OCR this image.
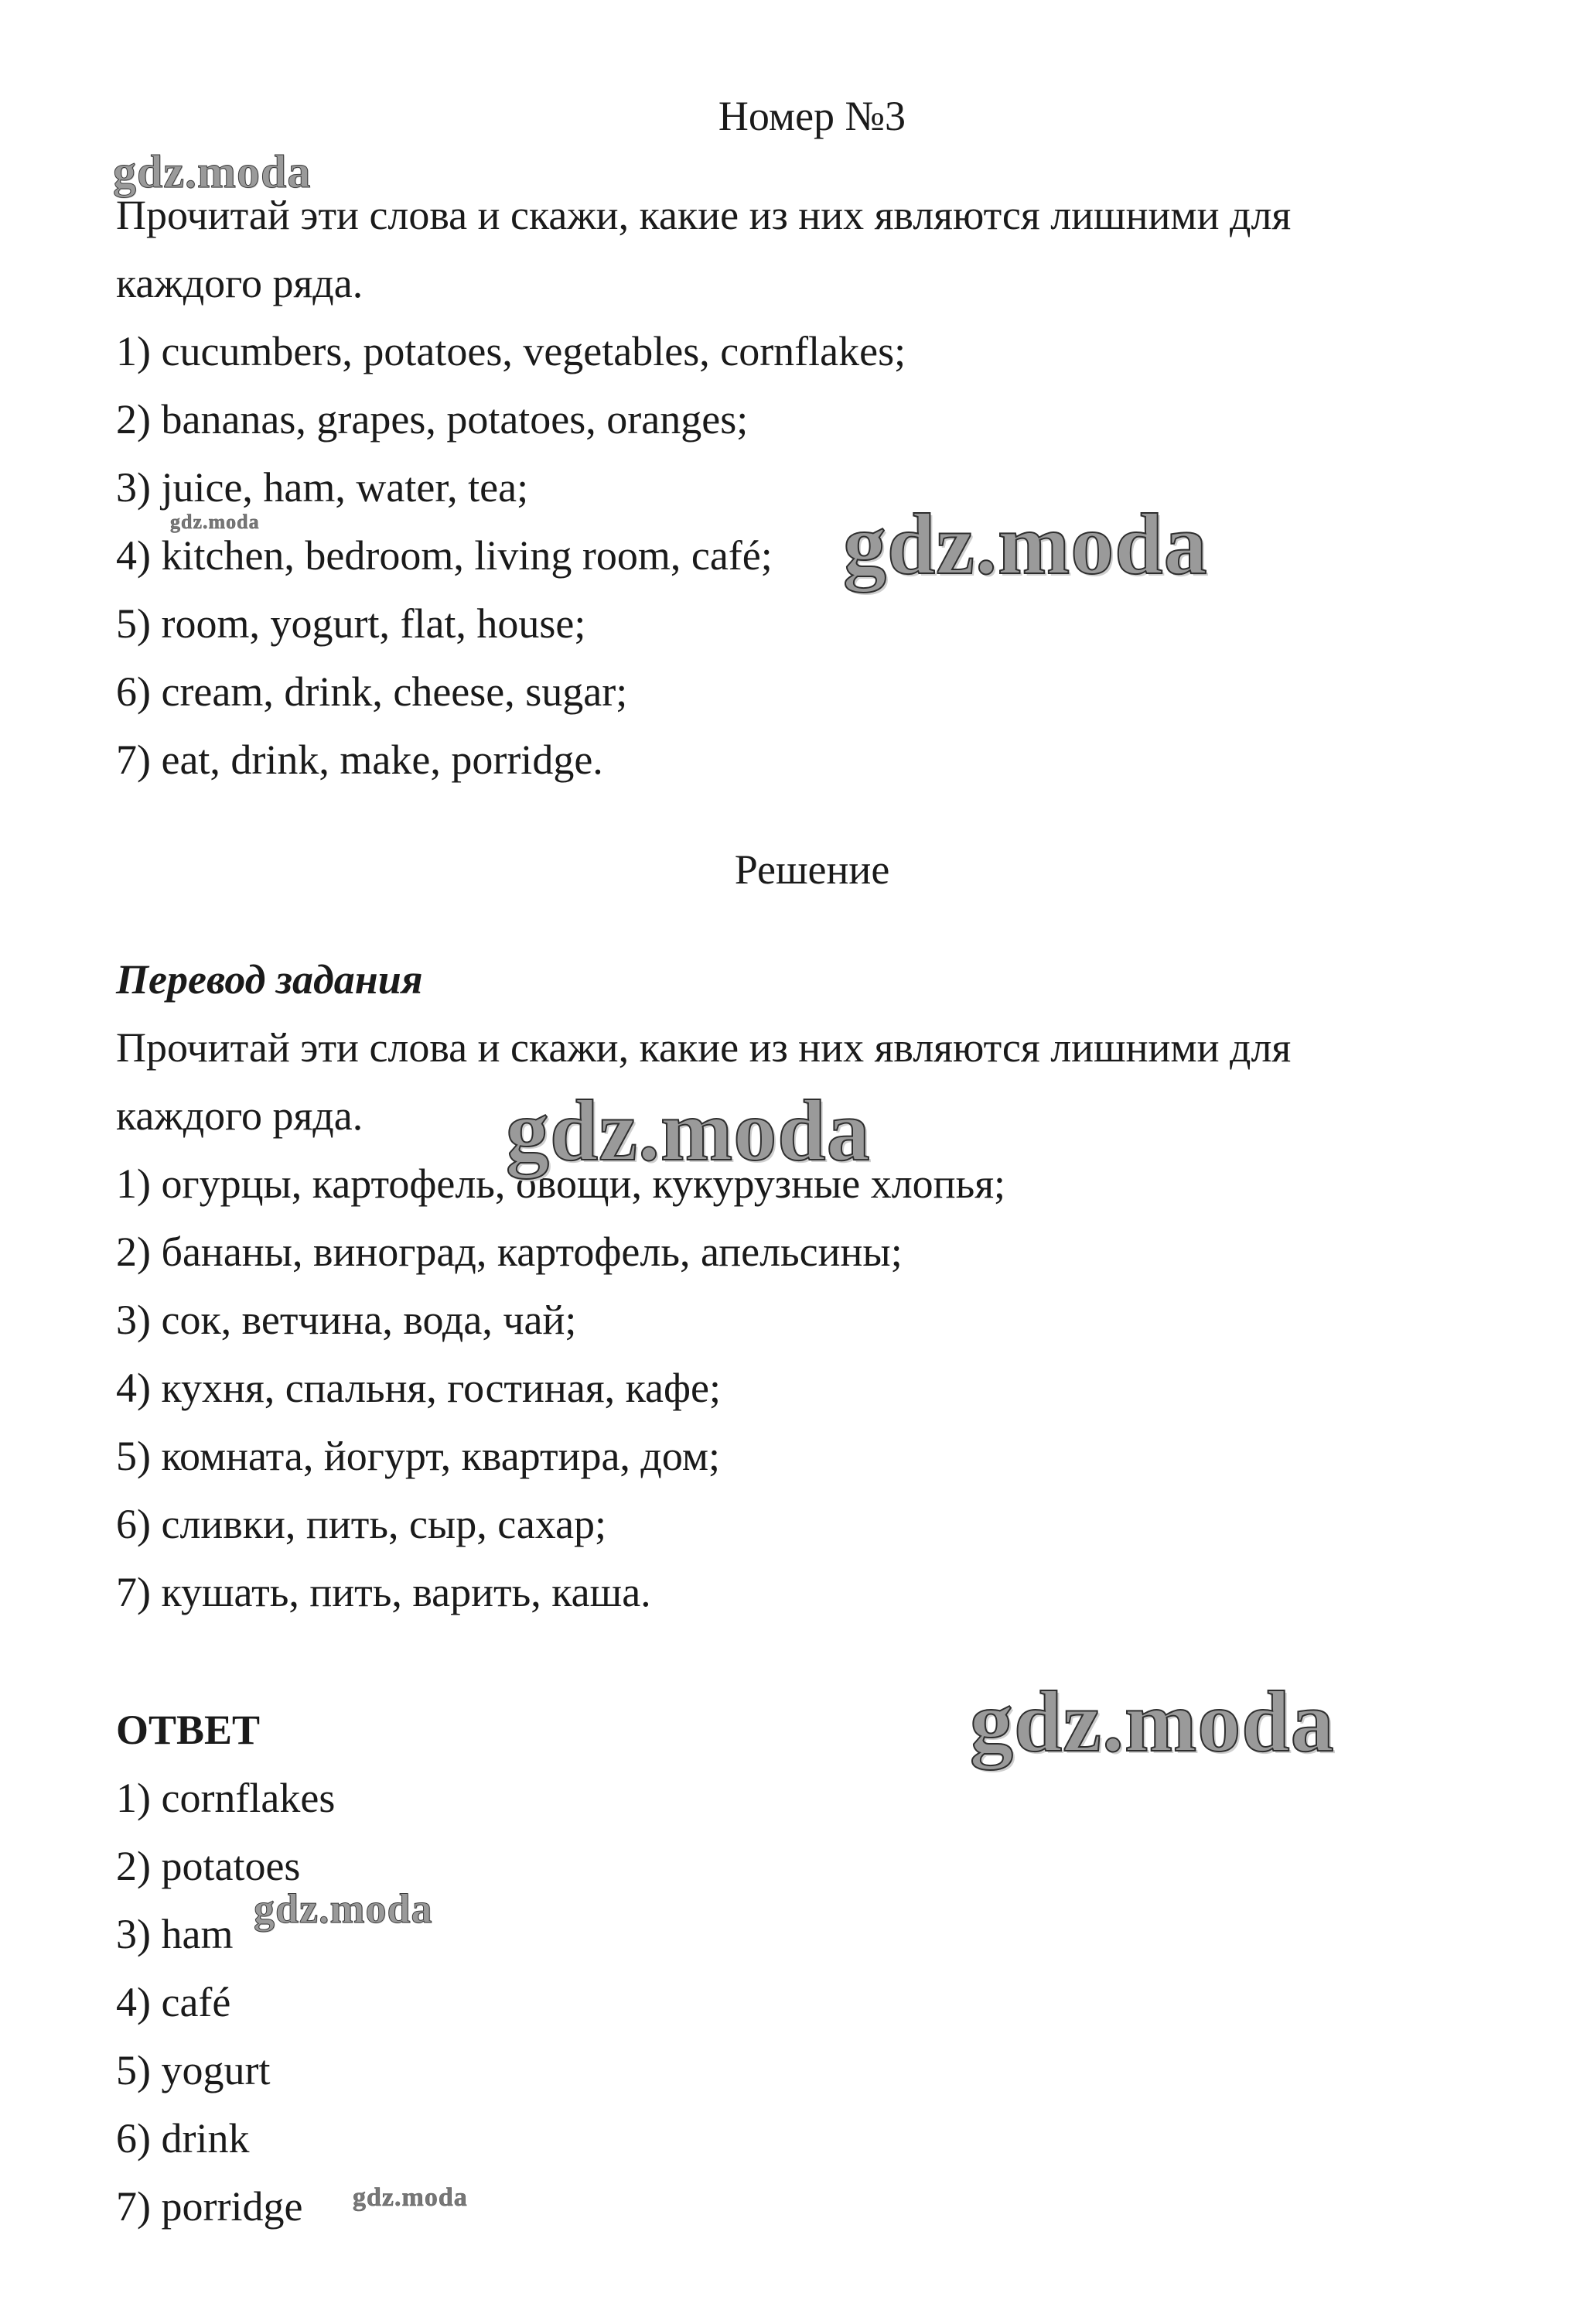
Номер №3
Прочитай эти слова и скажи, какие из них являются лишними для
каждого ряда.
1) cucumbers, potatoes, vegetables, cornflakes;
2) bananas, grapes, potatoes, oranges;
3) juice, ham, water, tea;
4) kitchen, bedroom, living room, café;
5) room, yogurt, flat, house;
6) cream, drink, cheese, sugar;
7) eat, drink, make, porridge.
Решение
Перевод задания
Прочитай эти слова и скажи, какие из них являются лишними для
каждого ряда.
1) огурцы, картофель, овощи, кукурузные хлопья;
2) бананы, виноград, картофель, апельсины;
3) сок, ветчина, вода, чай;
4) кухня, спальня, гостиная, кафе;
5) комната, йогурт, квартира, дом;
6) сливки, пить, сыр, сахар;
7) кушать, пить, варить, каша.
ОТВЕТ
1) cornflakes
2) potatoes
3) ham
4) café
5) yogurt
6) drink
7) porridge
gdz.moda
gdz.moda	gdz.moda
gdz.moda
gdz.moda
gdz.moda
gdz.moda
